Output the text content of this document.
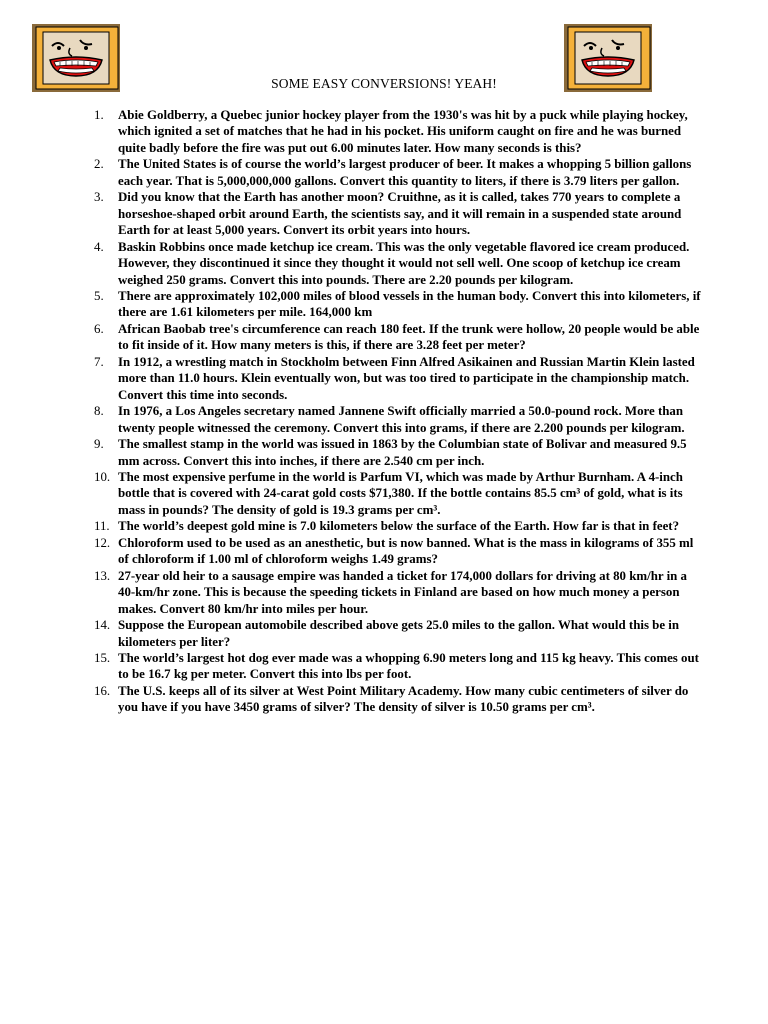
SOME EASY CONVERSIONS! YEAH!
1. Abie Goldberry, a Quebec junior hockey player from the 1930's was hit by a puck while playing hockey, which ignited a set of matches that he had in his pocket. His uniform caught on fire and he was burned quite badly before the fire was put out 6.00 minutes later. How many seconds is this?
2. The United States is of course the world’s largest producer of beer. It makes a whopping 5 billion gallons each year. That is 5,000,000,000 gallons. Convert this quantity to liters, if there is 3.79 liters per gallon.
3. Did you know that the Earth has another moon? Cruithne, as it is called, takes 770 years to complete a horseshoe-shaped orbit around Earth, the scientists say, and it will remain in a suspended state around Earth for at least 5,000 years. Convert its orbit years into hours.
4. Baskin Robbins once made ketchup ice cream. This was the only vegetable flavored ice cream produced. However, they discontinued it since they thought it would not sell well. One scoop of ketchup ice cream weighed 250 grams. Convert this into pounds. There are 2.20 pounds per kilogram.
5. There are approximately 102,000 miles of blood vessels in the human body. Convert this into kilometers, if there are 1.61 kilometers per mile. 164,000 km
6. African Baobab tree's circumference can reach 180 feet. If the trunk were hollow, 20 people would be able to fit inside of it. How many meters is this, if there are 3.28 feet per meter?
7. In 1912, a wrestling match in Stockholm between Finn Alfred Asikainen and Russian Martin Klein lasted more than 11.0 hours. Klein eventually won, but was too tired to participate in the championship match. Convert this time into seconds.
8. In 1976, a Los Angeles secretary named Jannene Swift officially married a 50.0-pound rock. More than twenty people witnessed the ceremony. Convert this into grams, if there are 2.200 pounds per kilogram.
9. The smallest stamp in the world was issued in 1863 by the Columbian state of Bolivar and measured 9.5 mm across. Convert this into inches, if there are 2.540 cm per inch.
10. The most expensive perfume in the world is Parfum VI, which was made by Arthur Burnham. A 4-inch bottle that is covered with 24-carat gold costs $71,380. If the bottle contains 85.5 cm³ of gold, what is its mass in pounds? The density of gold is 19.3 grams per cm³.
11. The world’s deepest gold mine is 7.0 kilometers below the surface of the Earth. How far is that in feet?
12. Chloroform used to be used as an anesthetic, but is now banned. What is the mass in kilograms of 355 ml of chloroform if 1.00 ml of chloroform weighs 1.49 grams?
13. 27-year old heir to a sausage empire was handed a ticket for 174,000 dollars for driving at 80 km/hr in a 40-km/hr zone. This is because the speeding tickets in Finland are based on how much money a person makes. Convert 80 km/hr into miles per hour.
14. Suppose the European automobile described above gets 25.0 miles to the gallon. What would this be in kilometers per liter?
15. The world’s largest hot dog ever made was a whopping 6.90 meters long and 115 kg heavy. This comes out to be 16.7 kg per meter. Convert this into lbs per foot.
16. The U.S. keeps all of its silver at West Point Military Academy. How many cubic centimeters of silver do you have if you have 3450 grams of silver? The density of silver is 10.50 grams per cm³.
